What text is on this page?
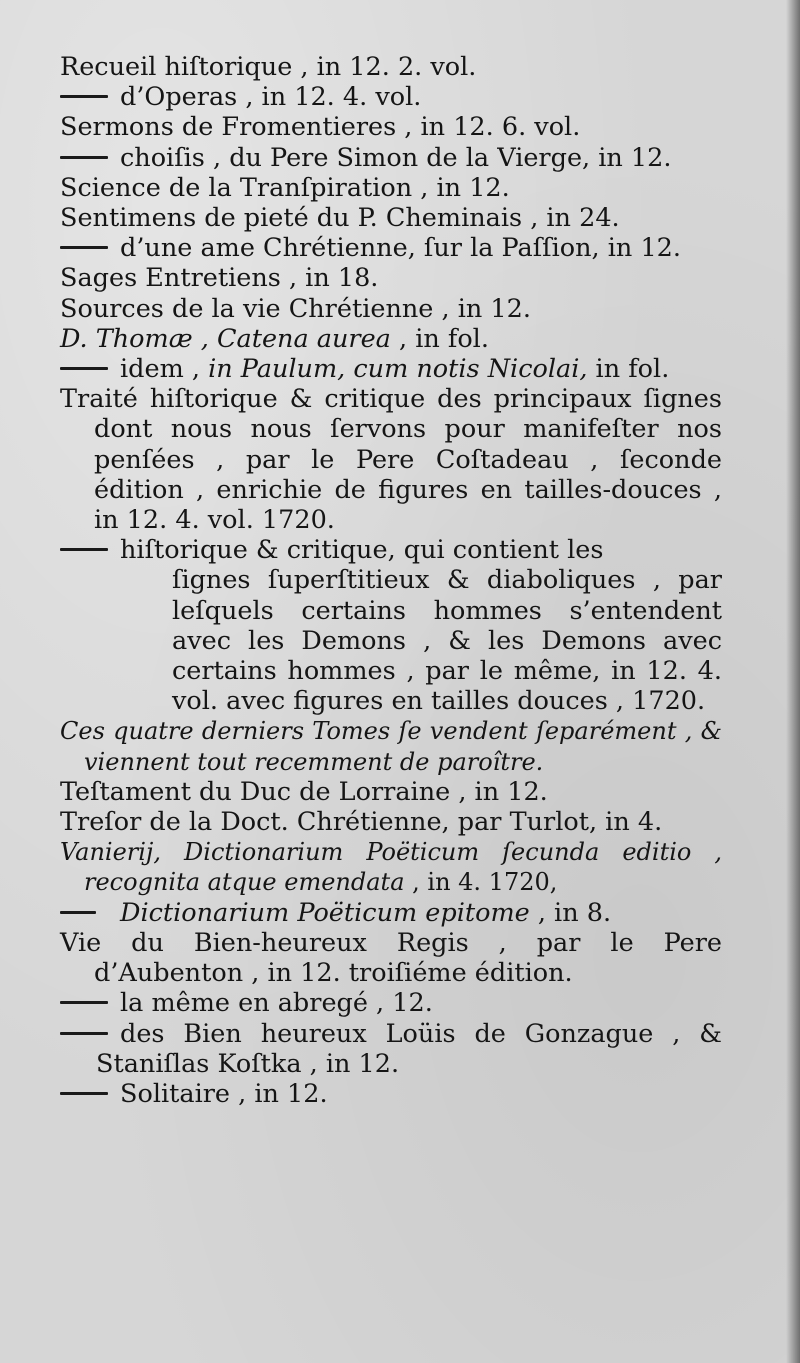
Recueil hiſtorique , in 12. 2. vol.

d’Operas , in 12. 4. vol.

Sermons de Fromentieres , in 12. 6. vol.

choiſis , du Pere Simon de la Vierge, in 12.

Science de la Tranſpiration , in 12.

Sentimens de pieté du P. Cheminais , in 24.

d’une ame Chrétienne, ſur la Paſſion, in 12.

Sages Entretiens , in 18.

Sources de la vie Chrétienne , in 12.

D. Thomæ , Catena aurea , in fol.

idem , in Paulum, cum notis Nicolai, in fol.

Traité hiſtorique & critique des principaux ſignes dont nous nous ſervons pour manifeſter nos penſées , par le Pere Coſtadeau , ſeconde édition , enrichie de figures en tailles-douces , in 12. 4. vol. 1720.

hiſtorique & critique, qui contient les

ſignes ſuperſtitieux & diaboliques , par leſquels certains hommes s’entendent avec les Demons , & les Demons avec certains hommes , par le même, in 12. 4. vol. avec figures en tailles douces , 1720.

Ces quatre derniers Tomes ſe vendent ſeparément , & viennent tout recemment de paroître.

Teſtament du Duc de Lorraine , in 12.

Treſor de la Doct. Chrétienne, par Turlot, in 4.

Vanierij, Dictionarium Poëticum ſecunda editio , recognita atque emendata , in 4. 1720,

Dictionarium Poëticum epitome , in 8.

Vie du Bien-heureux Regis , par le Pere d’Aubenton , in 12. troiſiéme édition.

la même en abregé , 12.

des Bien heureux Loüis de Gonzague , & Staniſlas Koſtka , in 12.

Solitaire , in 12.
